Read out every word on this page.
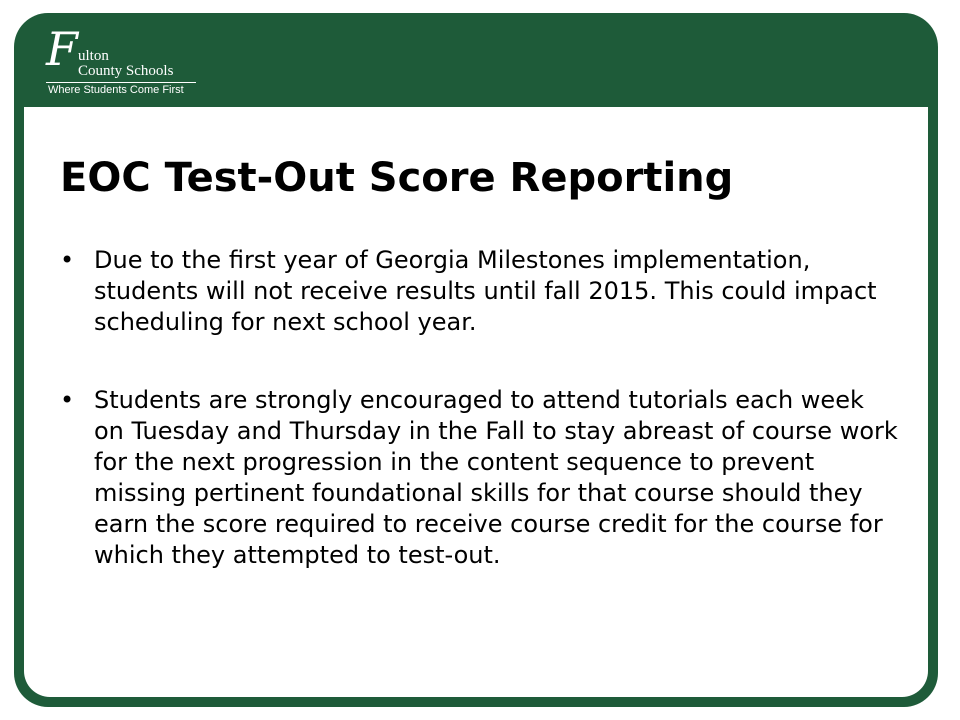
F ulton
County Schools
Where Students Come First
EOC Test-Out Score Reporting
• Due to the first year of Georgia Milestones implementation, students will not receive results until fall 2015. This could impact scheduling for next school year.
• Students are strongly encouraged to attend tutorials each week on Tuesday and Thursday in the Fall to stay abreast of course work for the next progression in the content sequence to prevent missing pertinent foundational skills for that course should they earn the score required to receive course credit for the course for which they attempted to test-out.
